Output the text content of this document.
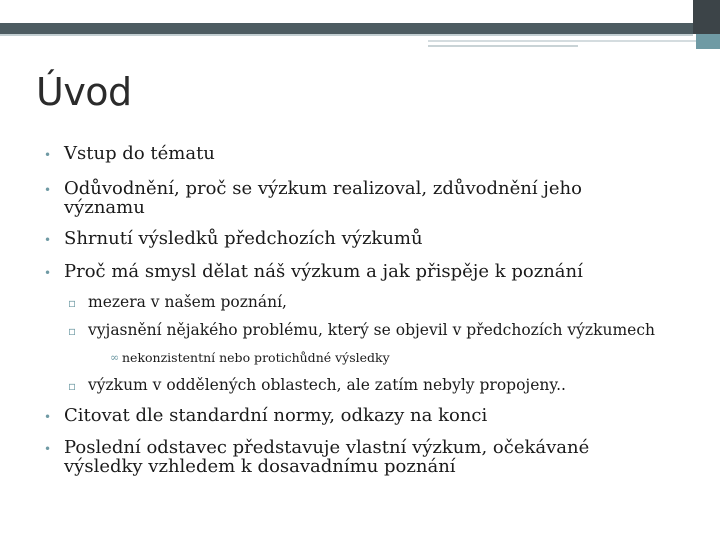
Úvod
• Vstup do tématu
• Odůvodnění, proč se výzkum realizoval, zdůvodnění jeho
významu
• Shrnutí výsledků předchozích výzkumů
• Proč má smysl dělat náš výzkum a jak přispěje k poznání
▫ mezera v našem poznání,
▫ vyjasnění nějakého problému, který se objevil v předchozích výzkumech
∞ nekonzistentní nebo protichůdné výsledky
▫ výzkum v oddělených oblastech, ale zatím nebyly propojeny..
• Citovat dle standardní normy, odkazy na konci
• Poslední odstavec představuje vlastní výzkum, očekávané
výsledky vzhledem k dosavadnímu poznání
